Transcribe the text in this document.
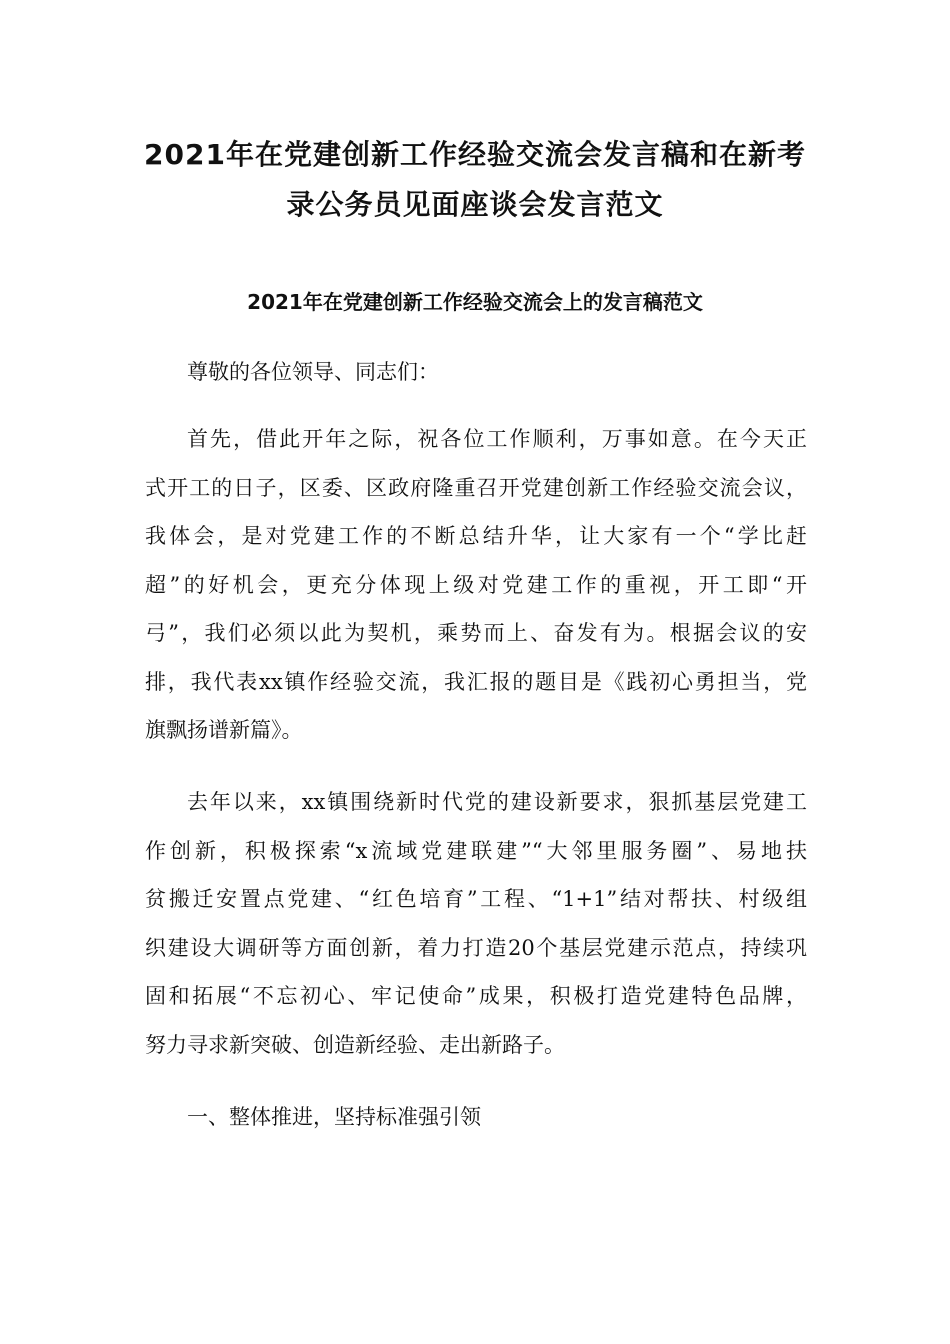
2021年在党建创新工作经验交流会发言稿和在新考
录公务员见面座谈会发言范文
2021年在党建创新工作经验交流会上的发言稿范文

尊敬的各位领导、同志们：

首先，借此开年之际，祝各位工作顺利，万事如意。在今天正
式开工的日子，区委、区政府隆重召开党建创新工作经验交流会议，
我体会，是对党建工作的不断总结升华，让大家有一个“学比赶
超”的好机会，更充分体现上级对党建工作的重视，开工即“开
弓”，我们必须以此为契机，乘势而上、奋发有为。根据会议的安
排，我代表xx镇作经验交流，我汇报的题目是《践初心勇担当，党
旗飘扬谱新篇》。

去年以来，xx镇围绕新时代党的建设新要求，狠抓基层党建工
作创新，积极探索“x流域党建联建”“大邻里服务圈”、易地扶
贫搬迁安置点党建、“红色培育”工程、“1+1”结对帮扶、村级组
织建设大调研等方面创新，着力打造20个基层党建示范点，持续巩
固和拓展“不忘初心、牢记使命”成果，积极打造党建特色品牌，
努力寻求新突破、创造新经验、走出新路子。

一、整体推进，坚持标准强引领
